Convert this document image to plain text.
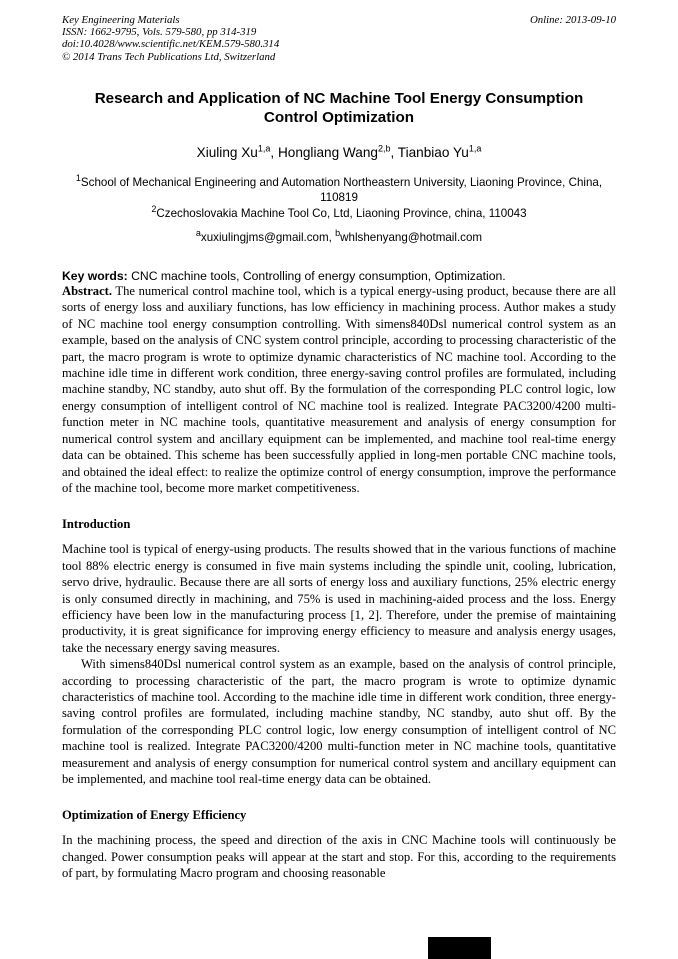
Key Engineering Materials
ISSN: 1662-9795, Vols. 579-580, pp 314-319
doi:10.4028/www.scientific.net/KEM.579-580.314
© 2014 Trans Tech Publications Ltd, Switzerland
Online: 2013-09-10
Research and Application of NC Machine Tool Energy Consumption Control Optimization
Xiuling Xu$^{1,a}$, Hongliang Wang$^{2,b}$, Tianbiao Yu$^{1,a}$
$^1$School of Mechanical Engineering and Automation Northeastern University, Liaoning Province, China, 110819
$^2$Czechoslovakia Machine Tool Co, Ltd, Liaoning Province, china, 110043
$^a$xuxiulingjms@gmail.com, $^b$whlshenyang@hotmail.com
Key words: CNC machine tools, Controlling of energy consumption, Optimization.

Abstract. The numerical control machine tool, which is a typical energy-using product, because there are all sorts of energy loss and auxiliary functions, has low efficiency in machining process. Author makes a study of NC machine tool energy consumption controlling. With simens840Dsl numerical control system as an example, based on the analysis of CNC system control principle, according to processing characteristic of the part, the macro program is wrote to optimize dynamic characteristics of NC machine tool. According to the machine idle time in different work condition, three energy-saving control profiles are formulated, including machine standby, NC standby, auto shut off. By the formulation of the corresponding PLC control logic, low energy consumption of intelligent control of NC machine tool is realized. Integrate PAC3200/4200 multi-function meter in NC machine tools, quantitative measurement and analysis of energy consumption for numerical control system and ancillary equipment can be implemented, and machine tool real-time energy data can be obtained. This scheme has been successfully applied in long-men portable CNC machine tools, and obtained the ideal effect: to realize the optimize control of energy consumption, improve the performance of the machine tool, become more market competitiveness.

Introduction

Machine tool is typical of energy-using products. The results showed that in the various functions of machine tool 88% electric energy is consumed in five main systems including the spindle unit, cooling, lubrication, servo drive, hydraulic. Because there are all sorts of energy loss and auxiliary functions, 25% electric energy is only consumed directly in machining, and 75% is used in machining-aided process and the loss. Energy efficiency have been low in the manufacturing process [1, 2]. Therefore, under the premise of maintaining productivity, it is great significance for improving energy efficiency to measure and analysis energy usages, take the necessary energy saving measures.

With simens840Dsl numerical control system as an example, based on the analysis of control principle, according to processing characteristic of the part, the macro program is wrote to optimize dynamic characteristics of machine tool. According to the machine idle time in different work condition, three energy-saving control profiles are formulated, including machine standby, NC standby, auto shut off. By the formulation of the corresponding PLC control logic, low energy consumption of intelligent control of NC machine tool is realized. Integrate PAC3200/4200 multi-function meter in NC machine tools, quantitative measurement and analysis of energy consumption for numerical control system and ancillary equipment can be implemented, and machine tool real-time energy data can be obtained.

Optimization of Energy Efficiency

In the machining process, the speed and direction of the axis in CNC Machine tools will continuously be changed. Power consumption peaks will appear at the start and stop. For this, according to the requirements of part, by formulating Macro program and choosing reasonable
